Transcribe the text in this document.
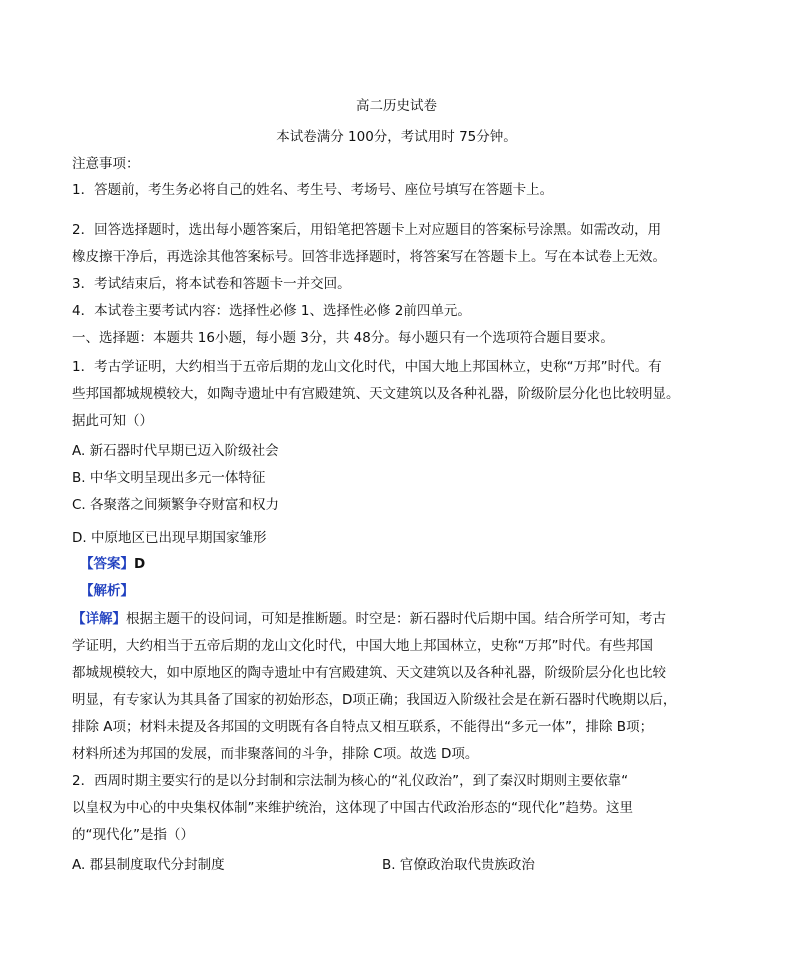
高二历史试卷
本试卷满分 100分，考试用时 75分钟。
注意事项：
1．答题前，考生务必将自己的姓名、考生号、考场号、座位号填写在答题卡上。
2．回答选择题时，选出每小题答案后，用铅笔把答题卡上对应题目的答案标号涂黑。如需改动，用
橡皮擦干净后，再选涂其他答案标号。回答非选择题时，将答案写在答题卡上。写在本试卷上无效。
3．考试结束后，将本试卷和答题卡一并交回。
4．本试卷主要考试内容：选择性必修 1、选择性必修 2前四单元。
一、选择题：本题共 16小题，每小题 3分，共 48分。每小题只有一个选项符合题目要求。
1．考古学证明，大约相当于五帝后期的龙山文化时代，中国大地上邦国林立，史称“万邦”时代。有
些邦国都城规模较大，如陶寺遗址中有宫殿建筑、天文建筑以及各种礼器，阶级阶层分化也比较明显。
据此可知（）
A. 新石器时代早期已迈入阶级社会
B. 中华文明呈现出多元一体特征
C. 各聚落之间频繁争夺财富和权力
D. 中原地区已出现早期国家雏形
【答案】D
【解析】
【详解】根据主题干的设问词，可知是推断题。时空是：新石器时代后期中国。结合所学可知，考古
学证明，大约相当于五帝后期的龙山文化时代，中国大地上邦国林立，史称“万邦”时代。有些邦国
都城规模较大，如中原地区的陶寺遗址中有宫殿建筑、天文建筑以及各种礼器，阶级阶层分化也比较
明显，有专家认为其具备了国家的初始形态，D项正确；我国迈入阶级社会是在新石器时代晚期以后，
排除 A项；材料未提及各邦国的文明既有各自特点又相互联系，不能得出“多元一体”，排除 B项；
材料所述为邦国的发展，而非聚落间的斗争，排除 C项。故选 D项。
2．西周时期主要实行的是以分封制和宗法制为核心的“礼仪政治”，到了秦汉时期则主要依靠“
以皇权为中心的中央集权体制”来维护统治，这体现了中国古代政治形态的“现代化”趋势。这里
的“现代化”是指（）
A. 郡县制度取代分封制度	B. 官僚政治取代贵族政治
